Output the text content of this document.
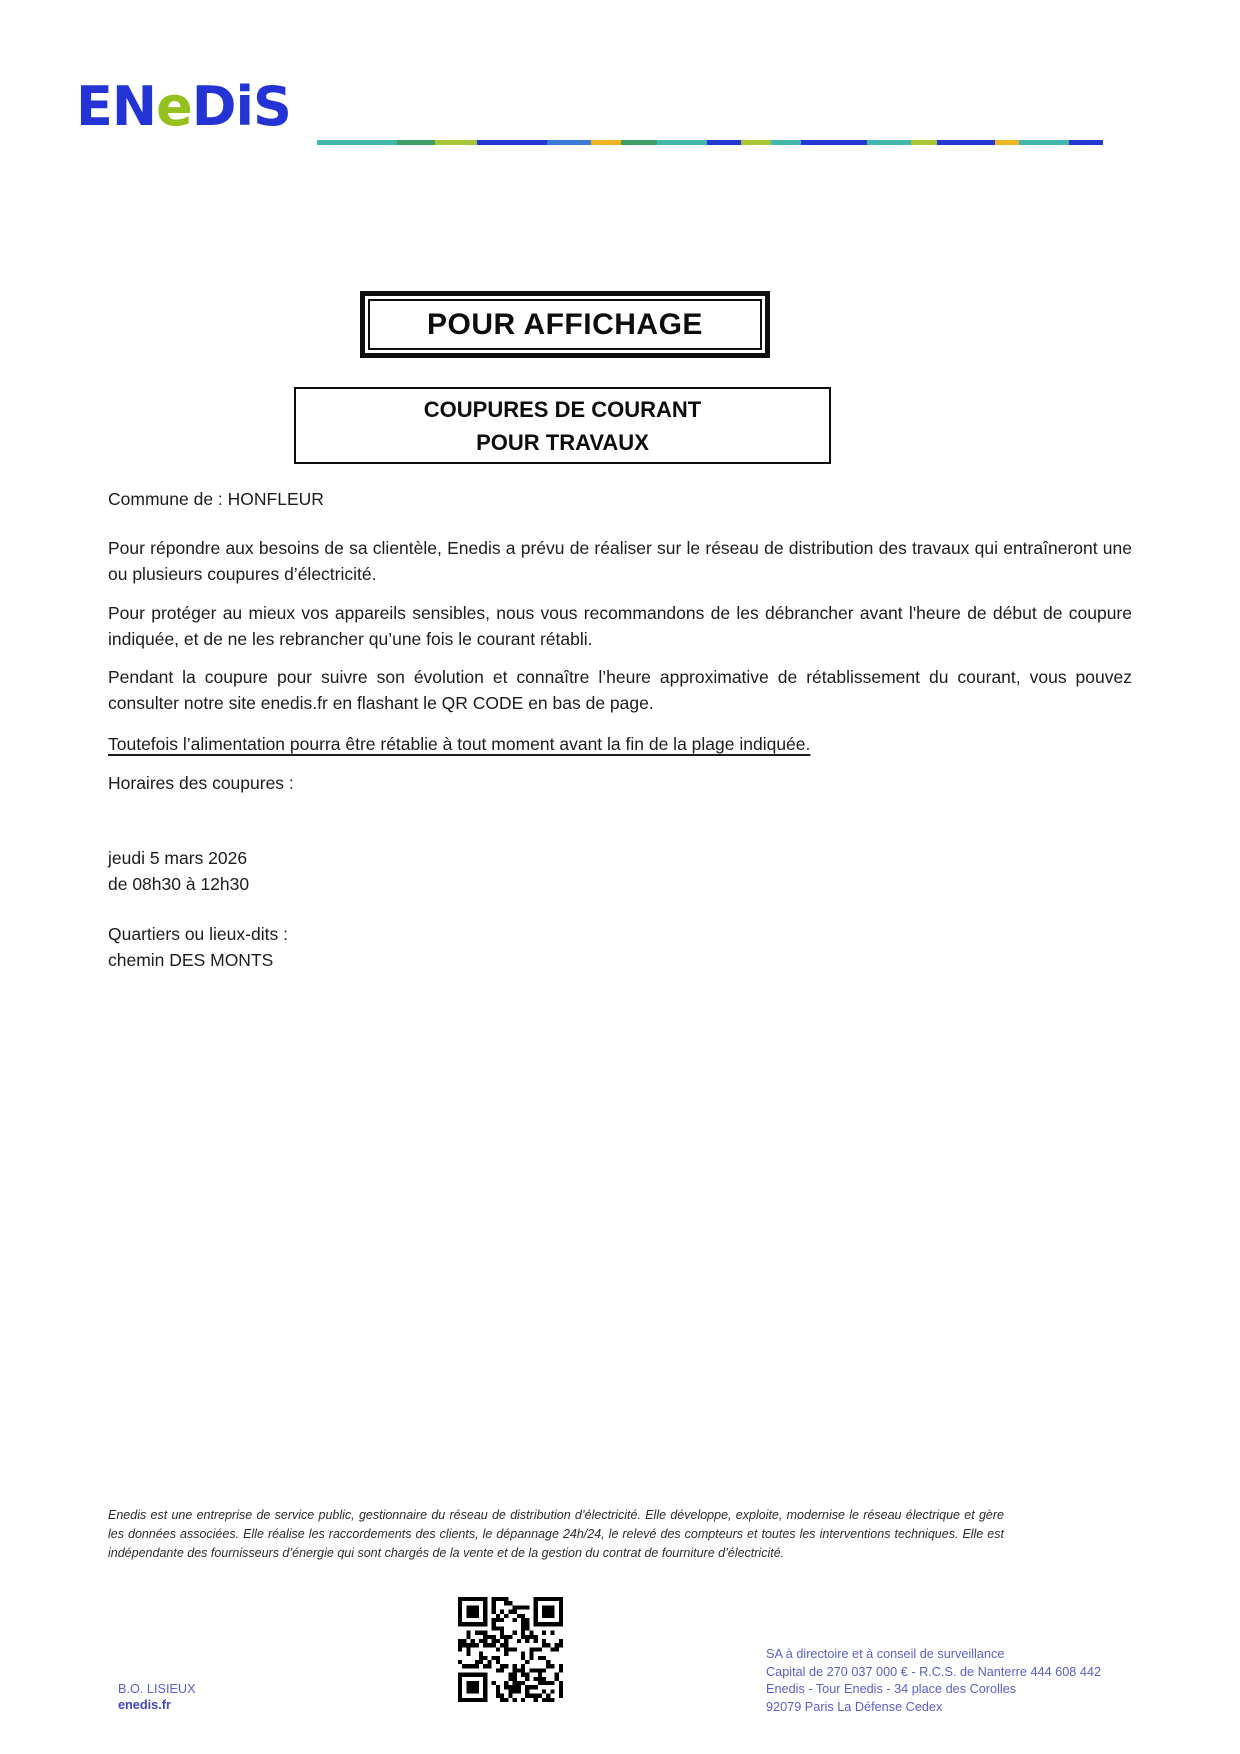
ENeDiS
POUR AFFICHAGE
COUPURES DE COURANT
POUR TRAVAUX
Commune de : HONFLEUR

Pour répondre aux besoins de sa clientèle, Enedis a prévu de réaliser sur le réseau de distribution des travaux qui entraîneront une ou plusieurs coupures d’électricité.

Pour protéger au mieux vos appareils sensibles, nous vous recommandons de les débrancher avant l'heure de début de coupure indiquée, et de ne les rebrancher qu’une fois le courant rétabli.

Pendant la coupure pour suivre son évolution et connaître l’heure approximative de rétablissement du courant, vous pouvez consulter notre site enedis.fr en flashant le QR CODE en bas de page.

Toutefois l’alimentation pourra être rétablie à tout moment avant la fin de la plage indiquée.
Horaires des coupures :
jeudi 5 mars 2026
de 08h30 à 12h30
Quartiers ou lieux-dits :
chemin DES MONTS

Enedis est une entreprise de service public, gestionnaire du réseau de distribution d’électricité. Elle développe, exploite, modernise le réseau électrique et gère les données associées. Elle réalise les raccordements des clients, le dépannage 24h/24, le relevé des compteurs et toutes les interventions techniques. Elle est indépendante des fournisseurs d’énergie qui sont chargés de la vente et de la gestion du contrat de fourniture d’électricité.

SA à directoire et à conseil de surveillance
Capital de 270 037 000 € - R.C.S. de Nanterre 444 608 442
Enedis - Tour Enedis - 34 place des Corolles
92079 Paris La Défense Cedex
B.O. LISIEUX
enedis.fr
